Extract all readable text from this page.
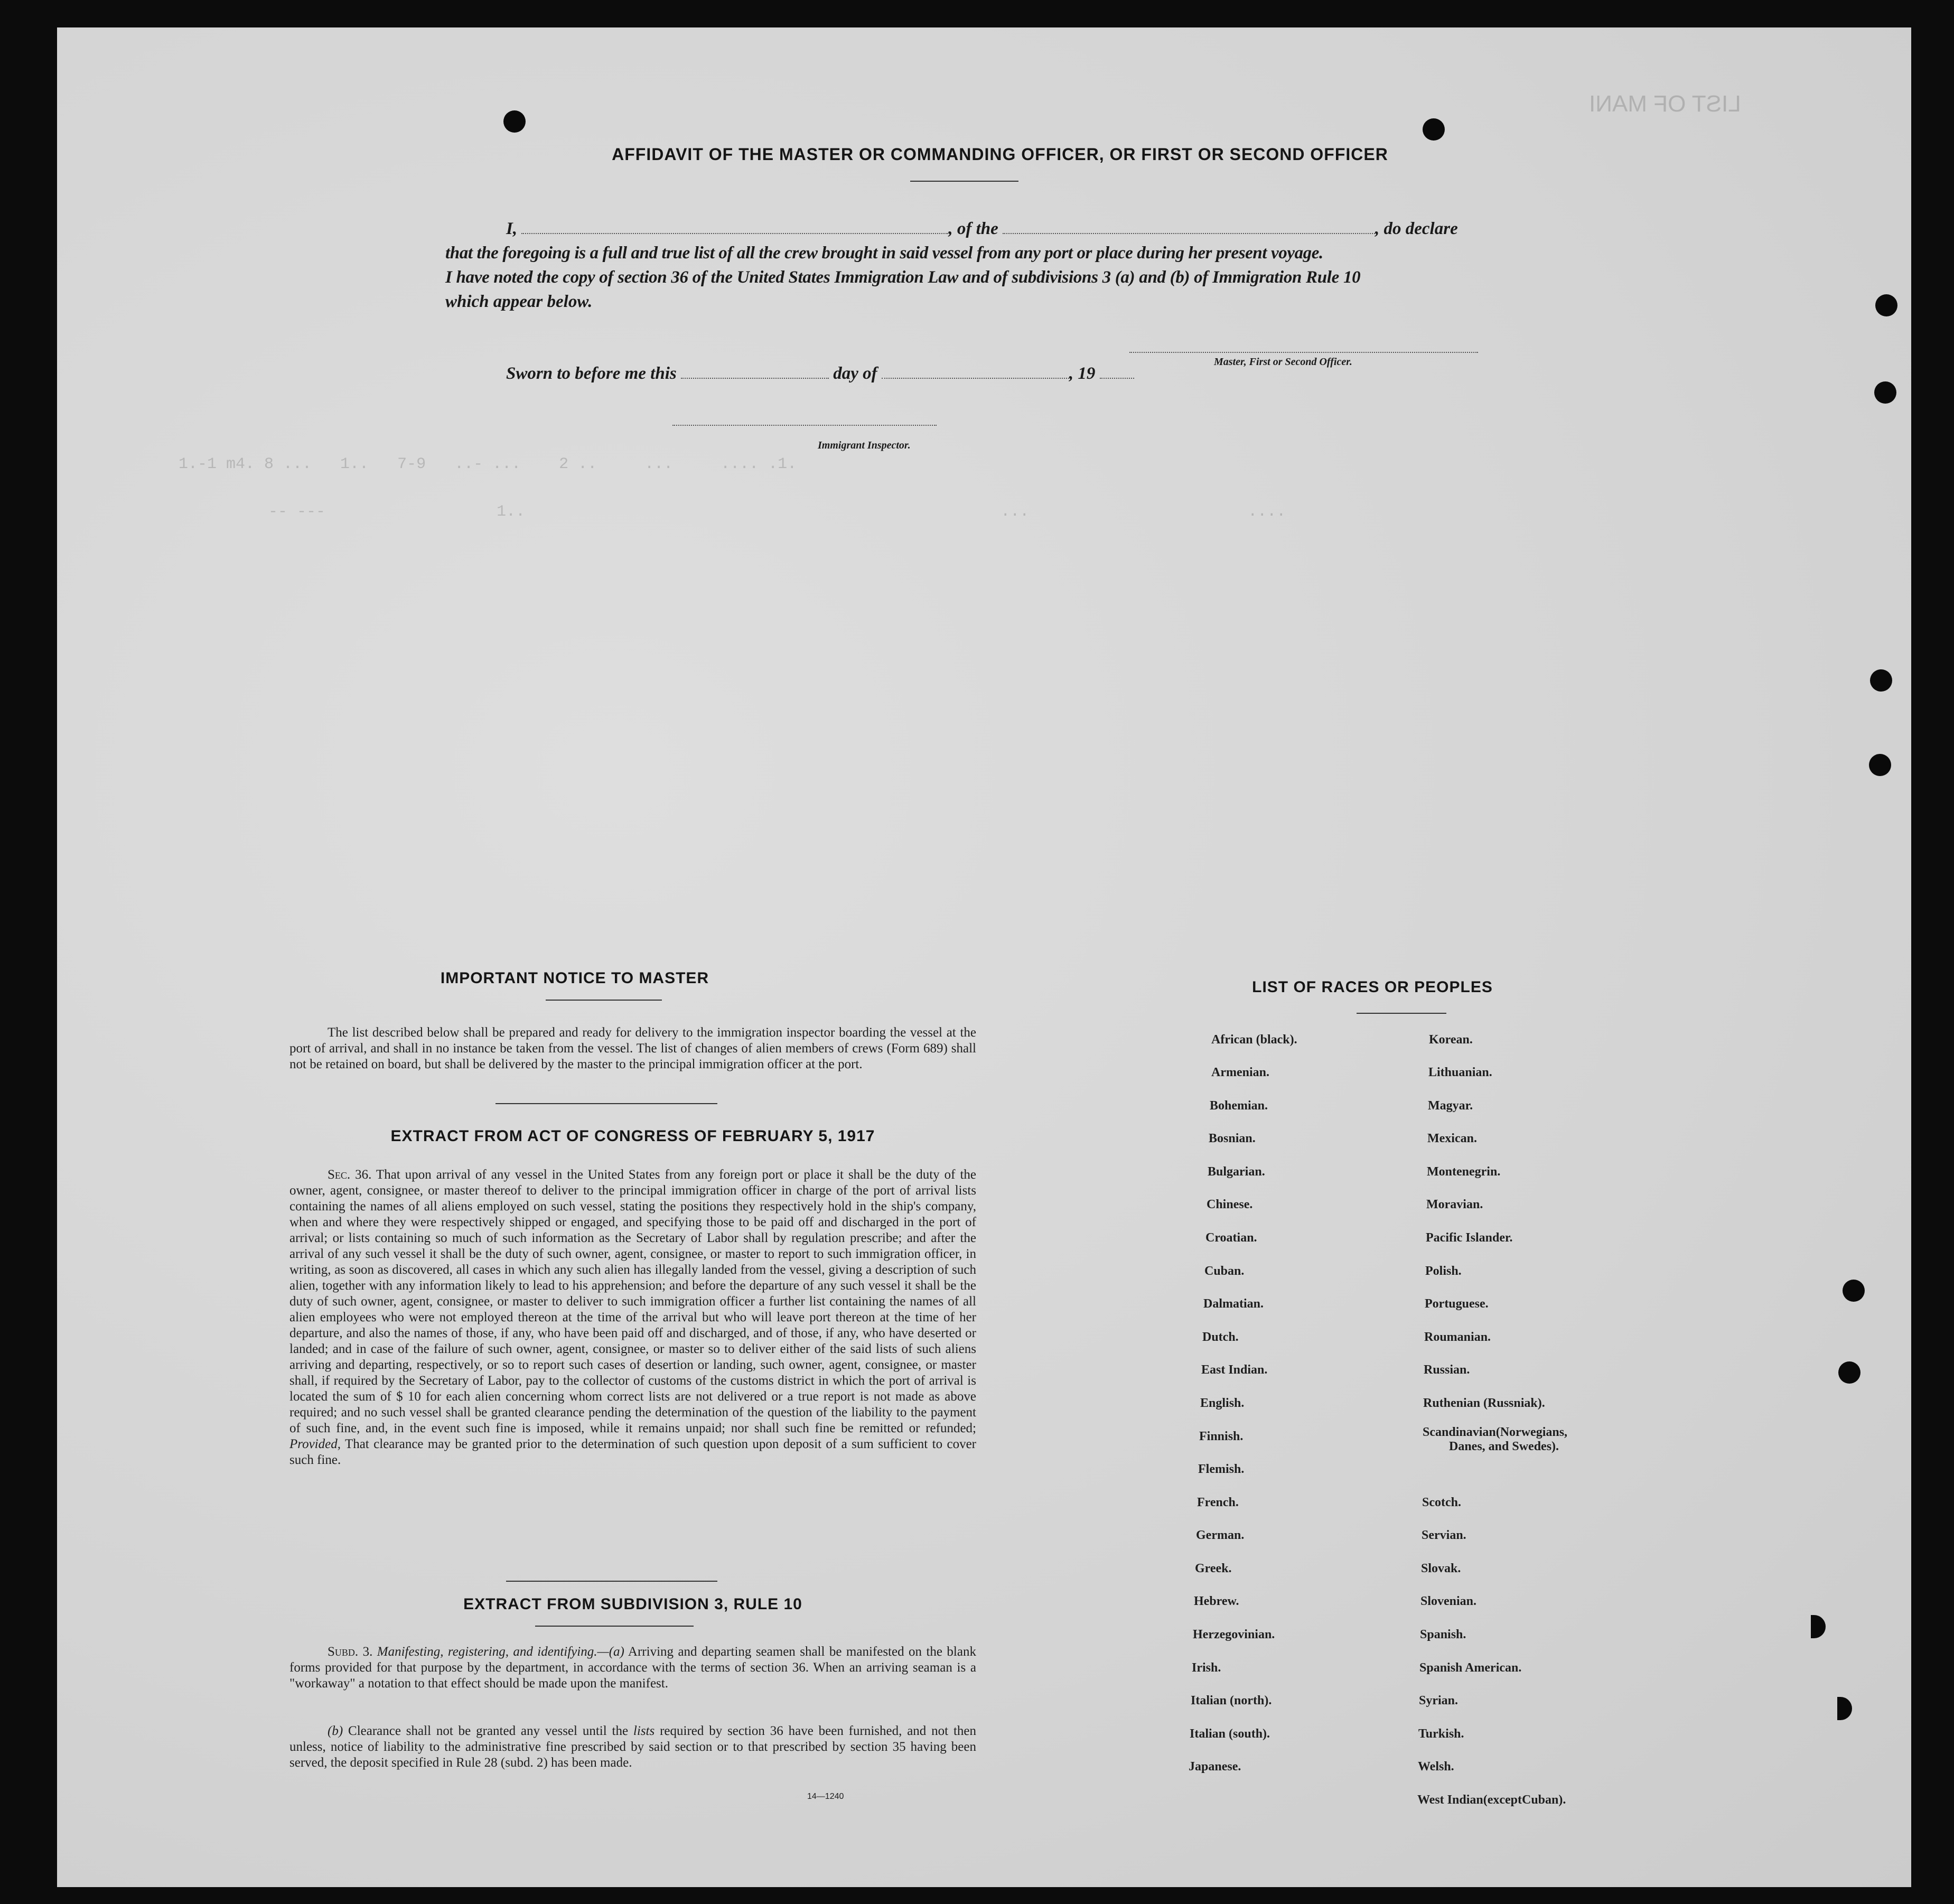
1.-1 m4. 8 ...   1..   7-9   ..- ...    2 ..     ...     .... .1.
-- ---                  1..                                                  ...                       ....
LIST OF MANI
AFFIDAVIT OF THE MASTER OR COMMANDING OFFICER, OR FIRST OR SECOND OFFICER
I,	, of the	, do declare
that the foregoing is a full and true list of all the crew brought in said vessel from any port or place during her present voyage.
I have noted the copy of section 36 of the United States Immigration Law and of subdivisions 3 (a) and (b) of Immigration Rule 10
which appear below.
Master, First or Second Officer.
Sworn to before me this	day of	, 19
Immigrant Inspector.
IMPORTANT NOTICE TO MASTER
The list described below shall be prepared and ready for delivery to the immigration inspector boarding the vessel at the port of arrival, and shall in no instance be taken from the vessel. The list of changes of alien members of crews (Form 689) shall not be retained on board, but shall be delivered by the master to the principal immigration officer at the port.
EXTRACT FROM ACT OF CONGRESS OF FEBRUARY 5, 1917
Sec. 36. That upon arrival of any vessel in the United States from any foreign port or place it shall be the duty of the owner, agent, consignee, or master thereof to deliver to the principal immigration officer in charge of the port of arrival lists containing the names of all aliens employed on such vessel, stating the positions they respectively hold in the ship's company, when and where they were respectively shipped or engaged, and specifying those to be paid off and discharged in the port of arrival; or lists containing so much of such information as the Secretary of Labor shall by regulation prescribe; and after the arrival of any such vessel it shall be the duty of such owner, agent, consignee, or master to report to such immigration officer, in writing, as soon as discovered, all cases in which any such alien has illegally landed from the vessel, giving a description of such alien, together with any information likely to lead to his apprehension; and before the departure of any such vessel it shall be the duty of such owner, agent, consignee, or master to deliver to such immigration officer a further list containing the names of all alien employees who were not employed thereon at the time of the arrival but who will leave port thereon at the time of her departure, and also the names of those, if any, who have been paid off and discharged, and of those, if any, who have deserted or landed; and in case of the failure of such owner, agent, consignee, or master so to deliver either of the said lists of such aliens arriving and departing, respectively, or so to report such cases of desertion or landing, such owner, agent, consignee, or master shall, if required by the Secretary of Labor, pay to the collector of customs of the customs district in which the port of arrival is located the sum of $ 10 for each alien concerning whom correct lists are not delivered or a true report is not made as above required; and no such vessel shall be granted clearance pending the determination of the question of the liability to the payment of such fine, and, in the event such fine is imposed, while it remains unpaid; nor shall such fine be remitted or refunded; Provided, That clearance may be granted prior to the determination of such question upon deposit of a sum sufficient to cover such fine.
EXTRACT FROM SUBDIVISION 3, RULE 10
Subd. 3. Manifesting, registering, and identifying.—(a) Arriving and departing seamen shall be manifested on the blank forms provided for that purpose by the department, in accordance with the terms of section 36. When an arriving seaman is a "workaway" a notation to that effect should be made upon the manifest.
(b) Clearance shall not be granted any vessel until the lists required by section 36 have been furnished, and not then unless, notice of liability to the administrative fine prescribed by said section or to that prescribed by section 35 having been served, the deposit specified in Rule 28 (subd. 2) has been made.
14—1240
LIST OF RACES OR PEOPLES
African (black).
Armenian.
Bohemian.
Bosnian.
Bulgarian.
Chinese.
Croatian.
Cuban.
Dalmatian.
Dutch.
East Indian.
English.
Finnish.
Flemish.
French.
German.
Greek.
Hebrew.
Herzegovinian.
Irish.
Italian (north).
Italian (south).
Japanese.
Korean.
Lithuanian.
Magyar.
Mexican.
Montenegrin.
Moravian.
Pacific Islander.
Polish.
Portuguese.
Roumanian.
Russian.
Ruthenian (Russniak).
Scandinavian(Norwegians,
Danes, and Swedes).
Scotch.
Servian.
Slovak.
Slovenian.
Spanish.
Spanish American.
Syrian.
Turkish.
Welsh.
West Indian(exceptCuban).
